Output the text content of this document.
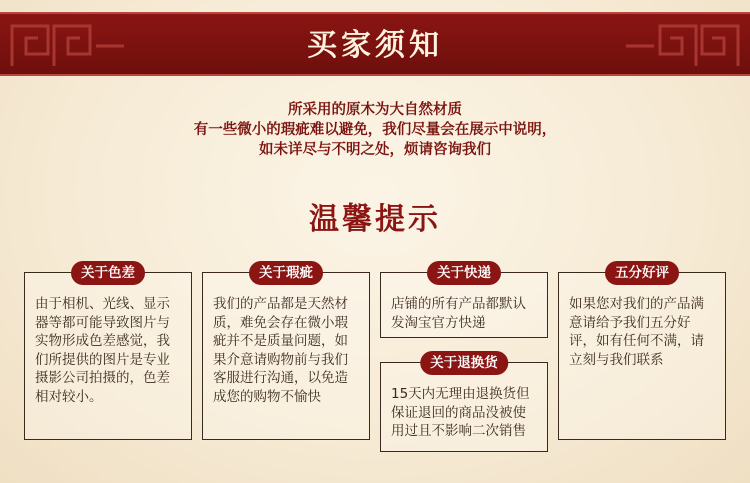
买家须知
所采用的原木为大自然材质
有一些微小的瑕疵难以避免，我们尽量会在展示中说明，
如未详尽与不明之处，烦请咨询我们
温馨提示
关于色差
由于相机、光线、显示器等都可能导致图片与实物形成色差感觉，我们所提供的图片是专业摄影公司拍摄的，色差相对较小。
关于瑕疵
我们的产品都是天然材质，难免会存在微小瑕疵并不是质量问题，如果介意请购物前与我们客服进行沟通，以免造成您的购物不愉快
关于快递
店铺的所有产品都默认发淘宝官方快递
关于退换货
15天内无理由退换货但保证退回的商品没被使用过且不影响二次销售
五分好评
如果您对我们的产品满意请给予我们五分好评，如有任何不满，请立刻与我们联系
